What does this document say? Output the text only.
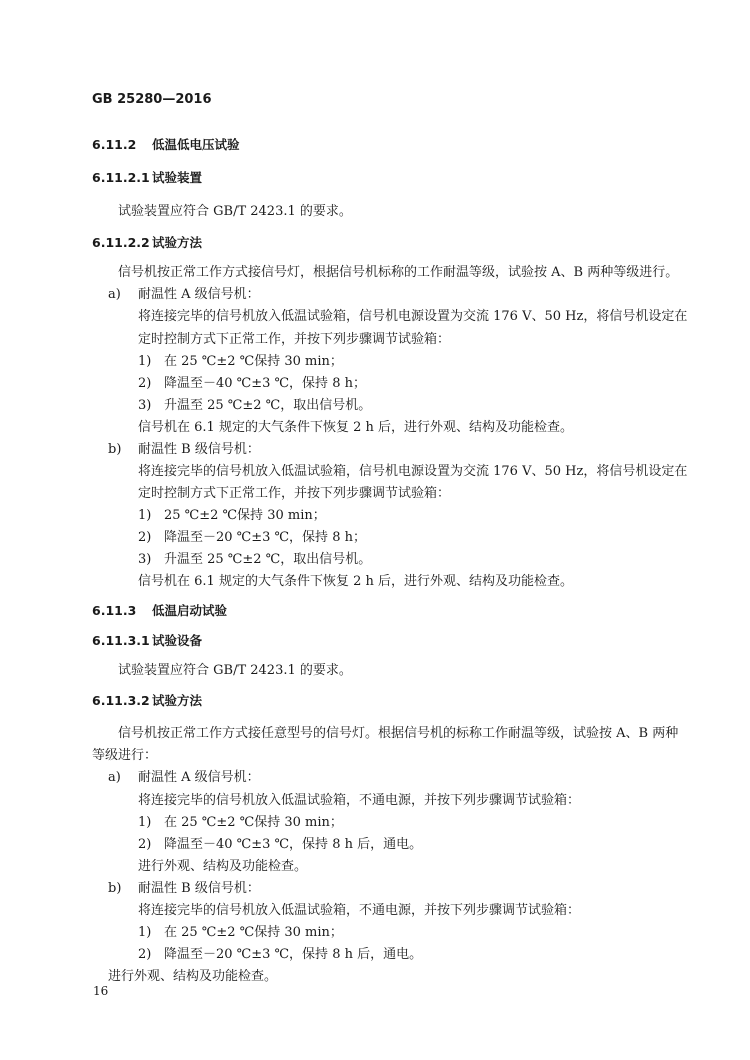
GB 25280—2016
6.11.2 低温低电压试验
6.11.2.1 试验装置
试验装置应符合 GB/T 2423.1 的要求。
6.11.2.2 试验方法
信号机按正常工作方式接信号灯，根据信号机标称的工作耐温等级，试验按 A、B 两种等级进行。
a) 耐温性 A 级信号机：
将连接完毕的信号机放入低温试验箱，信号机电源设置为交流 176 V、50 Hz，将信号机设定在
定时控制方式下正常工作，并按下列步骤调节试验箱：
1) 在 25 ℃±2 ℃保持 30 min；
2) 降温至－40 ℃±3 ℃，保持 8 h；
3) 升温至 25 ℃±2 ℃，取出信号机。
信号机在 6.1 规定的大气条件下恢复 2 h 后，进行外观、结构及功能检查。
b) 耐温性 B 级信号机：
将连接完毕的信号机放入低温试验箱，信号机电源设置为交流 176 V、50 Hz，将信号机设定在
定时控制方式下正常工作，并按下列步骤调节试验箱：
1) 25 ℃±2 ℃保持 30 min；
2) 降温至－20 ℃±3 ℃，保持 8 h；
3) 升温至 25 ℃±2 ℃，取出信号机。
信号机在 6.1 规定的大气条件下恢复 2 h 后，进行外观、结构及功能检查。
6.11.3 低温启动试验
6.11.3.1 试验设备
试验装置应符合 GB/T 2423.1 的要求。
6.11.3.2 试验方法
信号机按正常工作方式接任意型号的信号灯。根据信号机的标称工作耐温等级，试验按 A、B 两种
等级进行：
a) 耐温性 A 级信号机：
将连接完毕的信号机放入低温试验箱，不通电源，并按下列步骤调节试验箱：
1) 在 25 ℃±2 ℃保持 30 min；
2) 降温至－40 ℃±3 ℃，保持 8 h 后，通电。
进行外观、结构及功能检查。
b) 耐温性 B 级信号机：
将连接完毕的信号机放入低温试验箱，不通电源，并按下列步骤调节试验箱：
1) 在 25 ℃±2 ℃保持 30 min；
2) 降温至－20 ℃±3 ℃，保持 8 h 后，通电。
进行外观、结构及功能检查。
16
